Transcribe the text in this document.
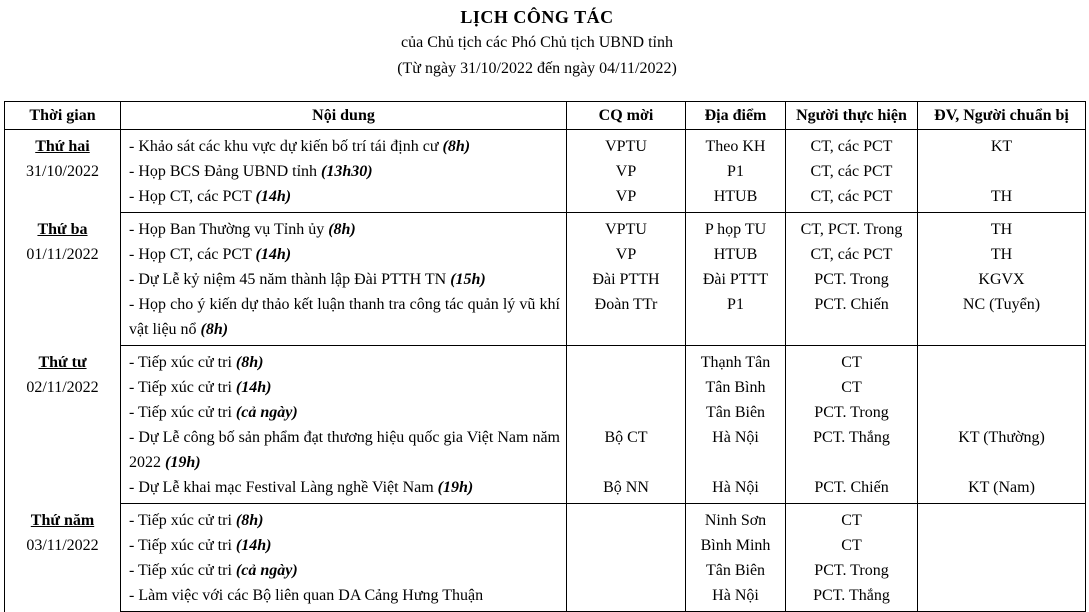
LỊCH CÔNG TÁC
của Chủ tịch các Phó Chủ tịch UBND tỉnh
(Từ ngày 31/10/2022 đến ngày 04/11/2022)
Thời gian	Nội dung	CQ mời	Địa điểm	Người thực hiện	ĐV, Người chuẩn bị

Thứ hai
31/10/2022	- Khảo sát các khu vực dự kiến bố trí tái định cư (8h)	VPTU	Theo KH	CT, các PCT	KT
	- Họp BCS Đảng UBND tỉnh (13h30)	VP	P1	CT, các PCT	
	- Họp CT, các PCT (14h)	VP	HTUB	CT, các PCT	TH

Thứ ba
01/11/2022	- Họp Ban Thường vụ Tỉnh ủy (8h)	VPTU	P họp TU	CT, PCT. Trong	TH
	- Họp CT, các PCT (14h)	VP	HTUB	CT, các PCT	TH
	- Dự Lễ kỷ niệm 45 năm thành lập Đài PTTH TN (15h)	Đài PTTH	Đài PTTT	PCT. Trong	KGVX
	- Họp cho ý kiến dự thảo kết luận thanh tra công tác quản lý vũ khí vật liệu nổ (8h)	Đoàn TTr	P1	PCT. Chiến	NC (Tuyển)

Thứ tư
02/11/2022	- Tiếp xúc cử tri (8h)		Thạnh Tân	CT	
	- Tiếp xúc cử tri (14h)		Tân Bình	CT	
	- Tiếp xúc cử tri (cả ngày)		Tân Biên	PCT. Trong	
	- Dự Lễ công bố sản phẩm đạt thương hiệu quốc gia Việt Nam năm 2022 (19h)	Bộ CT	Hà Nội	PCT. Thắng	KT (Thường)
	- Dự Lễ khai mạc Festival Làng nghề Việt Nam (19h)	Bộ NN	Hà Nội	PCT. Chiến	KT (Nam)

Thứ năm
03/11/2022	- Tiếp xúc cử tri (8h)		Ninh Sơn	CT	
	- Tiếp xúc cử tri (14h)		Bình Minh	CT	
	- Tiếp xúc cử tri (cả ngày)		Tân Biên	PCT. Trong	
	- Làm việc với các Bộ liên quan DA Cảng Hưng Thuận		Hà Nội	PCT. Thắng	
